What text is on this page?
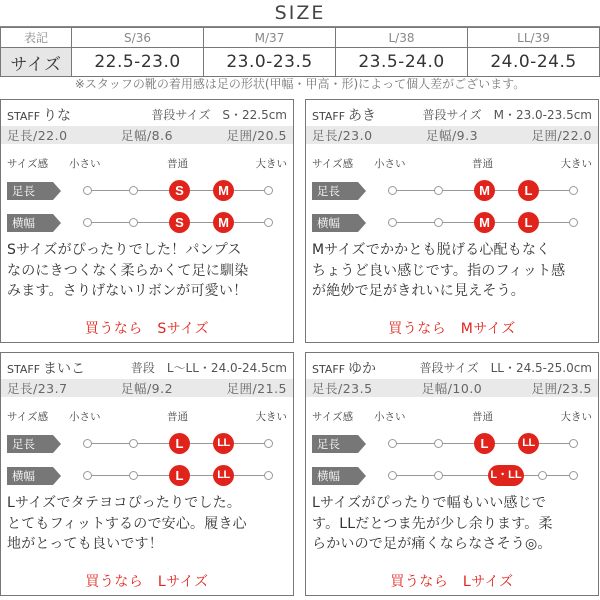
SIZE
表記	S/36	M/37	L/38	LL/39
サイズ	22.5-23.0	23.0-23.5	23.5-24.0	24.0-24.5
※スタッフの靴の着用感は足の形状(甲幅・甲高・形)によって個人差がございます。
STAFF りな	普段サイズ　S・22.5cm
足長/22.0	足幅/8.6	足囲/20.5
サイズ感 小さい	普通	大きい
足長
横幅
S	M
S	M
Sサイズがぴったりでした！パンプス
なのにきつくなく柔らかくて足に馴染
みます。さりげないリボンが可愛い！
買うなら　Sサイズ
STAFF あき	普段サイズ　M・23.0-23.5cm
足長/23.0	足幅/9.3	足囲/22.0
サイズ感 小さい	普通	大きい
足長
横幅
M	L
M	L
Mサイズでかかとも脱げる心配もなく
ちょうど良い感じです。指のフィット感
が絶妙で足がきれいに見えそう。
買うなら　Mサイズ
STAFF まいこ	普段　L～LL・24.0-24.5cm
足長/23.7	足幅/9.2	足囲/21.5
サイズ感 小さい	普通	大きい
足長
横幅
L	LL
L	LL
Lサイズでタテヨコぴったりでした。
とてもフィットするので安心。履き心
地がとっても良いです！
買うなら　Lサイズ
STAFF ゆか	普段サイズ　LL・24.5-25.0cm
足長/23.5	足幅/10.0	足囲/23.5
サイズ感 小さい	普通	大きい
足長
横幅
L	LL
L・LL
Lサイズがぴったりで幅もいい感じで
す。LLだとつま先が少し余ります。柔
らかいので足が痛くならなさそう◎。
買うなら　Lサイズ
